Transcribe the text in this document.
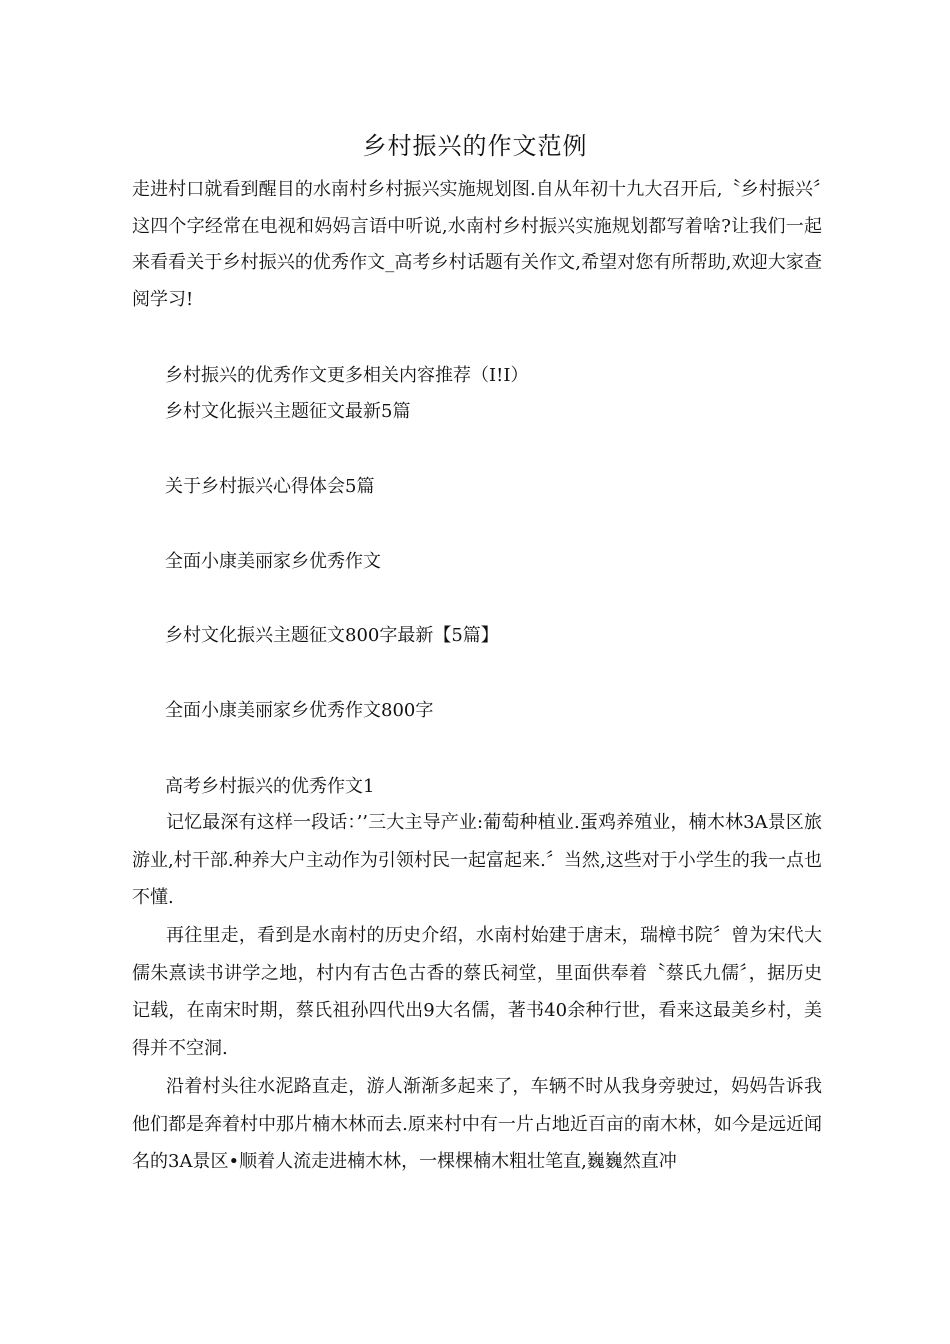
乡村振兴的作文范例

走进村口就看到醒目的水南村乡村振兴实施规划图.自从年初十九大召开后,〝乡村振兴〞这四个字经常在电视和妈妈言语中听说,水南村乡村振兴实施规划都写着啥?让我们一起来看看关于乡村振兴的优秀作文_高考乡村话题有关作文,希望对您有所帮助,欢迎大家查阅学习!

乡村振兴的优秀作文更多相关内容推荐（I!I）

乡村文化振兴主题征文最新5篇

关于乡村振兴心得体会5篇

全面小康美丽家乡优秀作文

乡村文化振兴主题征文800字最新【5篇】

全面小康美丽家乡优秀作文800字

高考乡村振兴的优秀作文1

记忆最深有这样一段话：’’三大主导产业:葡萄种植业.蛋鸡养殖业，楠木林3A景区旅游业,村干部.种养大户主动作为引领村民一起富起来.〞当然,这些对于小学生的我一点也不懂.

再往里走，看到是水南村的历史介绍，水南村始建于唐末，瑞樟书院〞曾为宋代大儒朱熹读书讲学之地，村内有古色古香的蔡氏祠堂，里面供奉着〝蔡氏九儒〞，据历史记载，在南宋时期，蔡氏祖孙四代出9大名儒，著书40余种行世，看来这最美乡村，美得并不空洞.

沿着村头往水泥路直走，游人渐渐多起来了，车辆不时从我身旁驶过，妈妈告诉我他们都是奔着村中那片楠木林而去.原来村中有一片占地近百亩的南木林，如今是远近闻名的3A景区•顺着人流走进楠木林，一棵棵楠木粗壮笔直,巍巍然直冲
